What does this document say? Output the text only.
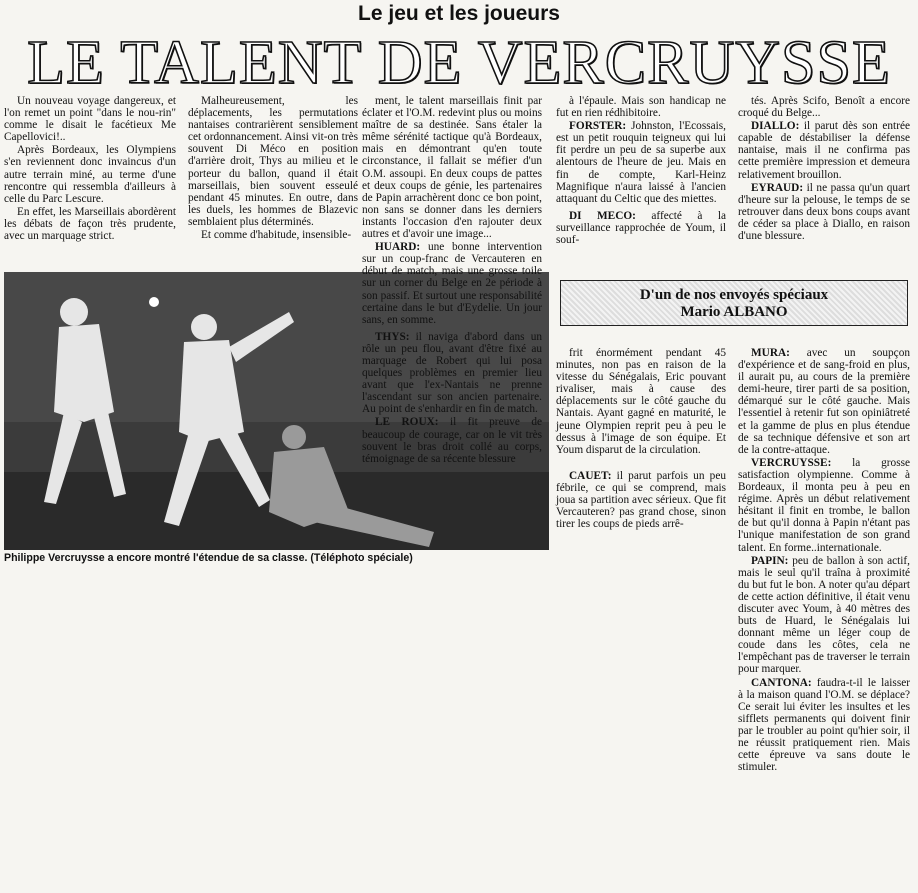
Le jeu et les joueurs
LE TALENT DE VERCRUYSSE

Un nouveau voyage dangereux, et l'on remet un point "dans le nou-rin" comme le disait le facétieux Me Capellovici!..

Après Bordeaux, les Olympiens s'en reviennent donc invaincus d'un autre terrain miné, au terme d'une rencontre qui ressembla d'ailleurs à celle du Parc Lescure.

En effet, les Marseillais abordèrent les débats de façon très prudente, avec un marquage strict.

Malheureusement, les déplacements, les permutations nantaises contrarièrent sensiblement cet ordonnancement. Ainsi vit-on très souvent Di Méco en position d'arrière droit, Thys au milieu et le porteur du ballon, quand il était marseillais, bien souvent esseulé pendant 45 minutes. En outre, dans les duels, les hommes de Blazevic semblaient plus déterminés.

Et comme d'habitude, insensible-

Philippe Vercruysse a encore montré l'étendue de sa classe. (Téléphoto spéciale)

ment, le talent marseillais finit par éclater et l'O.M. redevint plus ou moins maître de sa destinée. Sans étaler la même sérénité tactique qu'à Bordeaux, mais en démontrant qu'en toute circonstance, il fallait se méfier d'un O.M. assoupi. En deux coups de pattes et deux coups de génie, les partenaires de Papin arrachèrent donc ce bon point, non sans se donner dans les derniers instants l'occasion d'en rajouter deux autres et d'avoir une image...

HUARD: une bonne intervention sur un coup-franc de Vercauteren en début de match, mais une grosse toile sur un corner du Belge en 2e période à son passif. Et surtout une responsabilité certaine dans le but d'Eydelie. Un jour sans, en somme.

THYS: il naviga d'abord dans un rôle un peu flou, avant d'être fixé au marquage de Robert qui lui posa quelques problèmes en premier lieu avant que l'ex-Nantais ne prenne l'ascendant sur son ancien partenaire. Au point de s'enhardir en fin de match.

LE ROUX: il fit preuve de beaucoup de courage, car on le vit très souvent le bras droit collé au corps, témoignage de sa récente blessure

à l'épaule. Mais son handicap ne fut en rien rédhibitoire.

FORSTER: Johnston, l'Ecossais, est un petit rouquin teigneux qui lui fit perdre un peu de sa superbe aux alentours de l'heure de jeu. Mais en fin de compte, Karl-Heinz Magnifique n'aura laissé à l'ancien attaquant du Celtic que des miettes.

DI MECO: affecté à la surveillance rapprochée de Youm, il souf-

tés. Après Scifo, Benoît a encore croqué du Belge...

DIALLO: il parut dès son entrée capable de déstabiliser la défense nantaise, mais il ne confirma pas cette première impression et demeura relativement brouillon.

EYRAUD: il ne passa qu'un quart d'heure sur la pelouse, le temps de se retrouver dans deux bons coups avant de céder sa place à Diallo, en raison d'une blessure.

D'un de nos envoyés spéciaux
Mario ALBANO

frit énormément pendant 45 minutes, non pas en raison de la vitesse du Sénégalais, Eric pouvant rivaliser, mais à cause des déplacements sur le côté gauche du Nantais. Ayant gagné en maturité, le jeune Olympien reprit peu à peu le dessus à l'image de son équipe. Et Youm disparut de la circulation.

CAUET: il parut parfois un peu fébrile, ce qui se comprend, mais joua sa partition avec sérieux. Que fit Vercauteren? pas grand chose, sinon tirer les coups de pieds arrê-

MURA: avec un soupçon d'expérience et de sang-froid en plus, il aurait pu, au cours de la première demi-heure, tirer parti de sa position, démarqué sur le côté gauche. Mais l'essentiel à retenir fut son opiniâtreté et la gamme de plus en plus étendue de sa technique défensive et son art de la contre-attaque.

VERCRUYSSE: la grosse satisfaction olympienne. Comme à Bordeaux, il monta peu à peu en régime. Après un début relativement hésitant il finit en trombe, le ballon de but qu'il donna à Papin n'étant pas l'unique manifestation de son grand talent. En forme..internationale.

PAPIN: peu de ballon à son actif, mais le seul qu'il traîna à proximité du but fut le bon. A noter qu'au départ de cette action définitive, il était venu discuter avec Youm, à 40 mètres des buts de Huard, le Sénégalais lui donnant même un léger coup de coude dans les côtes, cela ne l'empêchant pas de traverser le terrain pour marquer.

CANTONA: faudra-t-il le laisser à la maison quand l'O.M. se déplace? Ce serait lui éviter les insultes et les sifflets permanents qui doivent finir par le troubler au point qu'hier soir, il ne réussit pratiquement rien. Mais cette épreuve va sans doute le stimuler.
